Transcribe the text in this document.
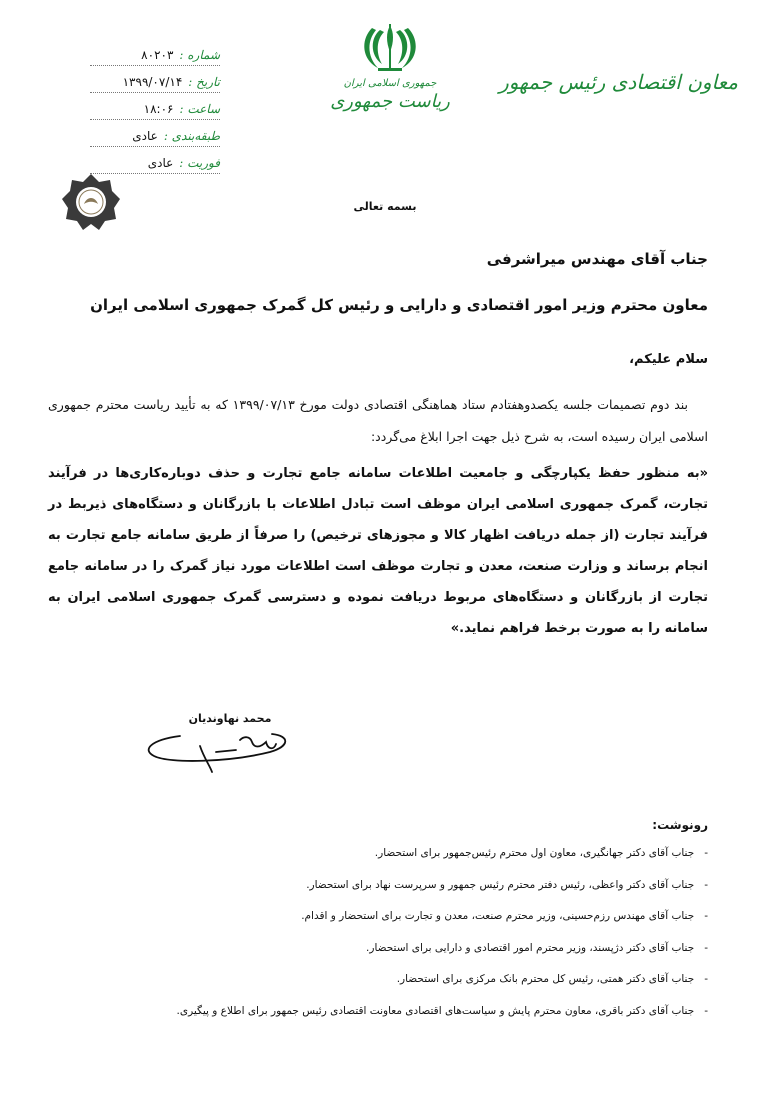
معاون اقتصادی رئیس جمهور
جمهوری اسلامی ایران
ریاست جمهوری
شماره :
۸۰۲۰۳
تاریخ :
۱۳۹۹/۰۷/۱۴
ساعت :
۱۸:۰۶
طبقه‌بندی :
عادی
فوریت :
عادی
بسمه تعالی

جناب آقای مهندس میراشرفی

معاون محترم وزیر امور اقتصادی و دارایی و رئیس کل گمرک جمهوری اسلامی ایران

سلام علیکم،

بند دوم تصمیمات جلسه یکصدوهفتادم ستاد هماهنگی اقتصادی دولت مورخ ۱۳۹۹/۰۷/۱۳ که به تأیید ریاست محترم جمهوری اسلامی ایران رسیده است، به شرح ذیل جهت اجرا ابلاغ می‌گردد:

«به منظور حفظ یکپارچگی و جامعیت اطلاعات سامانه جامع تجارت و حذف دوباره‌کاری‌ها در فرآیند تجارت، گمرک جمهوری اسلامی ایران موظف است تبادل اطلاعات با بازرگانان و دستگاه‌های ذیربط در فرآیند تجارت (از جمله دریافت اظهار کالا و مجوزهای ترخیص) را صرفاً از طریق سامانه جامع تجارت به انجام برساند و وزارت صنعت، معدن و تجارت موظف است اطلاعات مورد نیاز گمرک را در سامانه جامع تجارت از بازرگانان و دستگاه‌های مربوط دریافت نموده و دسترسی گمرک جمهوری اسلامی ایران به سامانه را به صورت برخط فراهم نماید.»

محمد نهاوندیان
رونوشت:
-جناب آقای دکتر جهانگیری، معاون اول محترم رئیس‌جمهور برای استحضار.
-جناب آقای دکتر واعظی، رئیس دفتر محترم رئیس جمهور و سرپرست نهاد برای استحضار.
-جناب آقای مهندس رزم‌حسینی، وزیر محترم صنعت، معدن و تجارت برای استحضار و اقدام.
-جناب آقای دکتر دژپسند، وزیر محترم امور اقتصادی و دارایی برای استحضار.
-جناب آقای دکتر همتی، رئیس کل محترم بانک مرکزی برای استحضار.
-جناب آقای دکتر باقری، معاون محترم پایش و سیاست‌های اقتصادی معاونت اقتصادی رئیس جمهور برای اطلاع و پیگیری.
